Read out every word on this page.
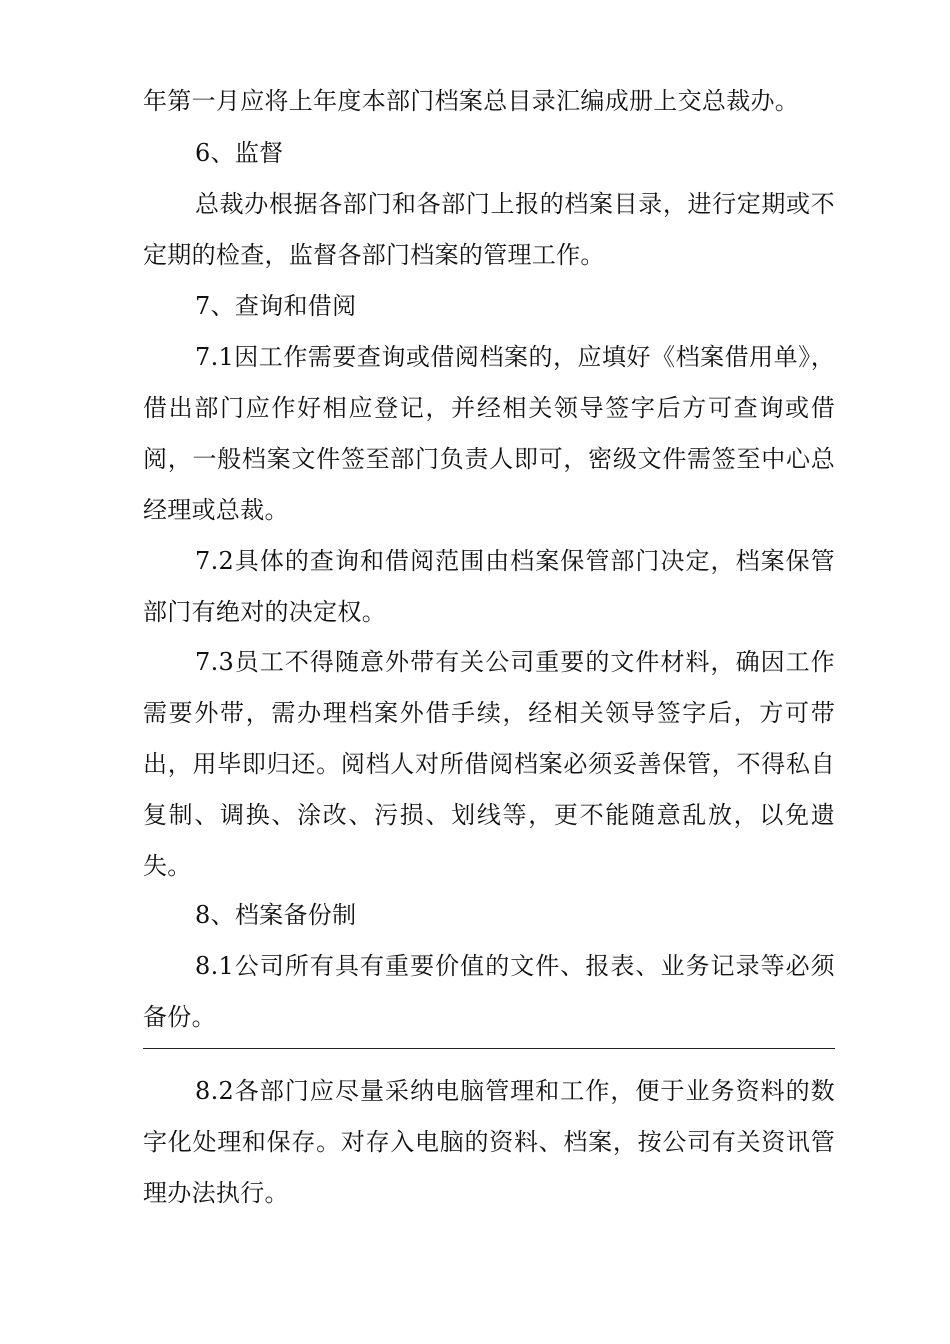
年第一月应将上年度本部门档案总目录汇编成册上交总裁办。

6、监督

总裁办根据各部门和各部门上报的档案目录，进行定期或不定期的检查，监督各部门档案的管理工作。

7、查询和借阅

7.1因工作需要查询或借阅档案的，应填好《档案借用单》，借出部门应作好相应登记，并经相关领导签字后方可查询或借阅，一般档案文件签至部门负责人即可，密级文件需签至中心总经理或总裁。

7.2具体的查询和借阅范围由档案保管部门决定，档案保管部门有绝对的决定权。

7.3员工不得随意外带有关公司重要的文件材料，确因工作需要外带，需办理档案外借手续，经相关领导签字后，方可带出，用毕即归还。阅档人对所借阅档案必须妥善保管，不得私自复制、调换、涂改、污损、划线等，更不能随意乱放，以免遗失。

8、档案备份制

8.1公司所有具有重要价值的文件、报表、业务记录等必须备份。

8.2各部门应尽量采纳电脑管理和工作，便于业务资料的数字化处理和保存。对存入电脑的资料、档案，按公司有关资讯管理办法执行。
